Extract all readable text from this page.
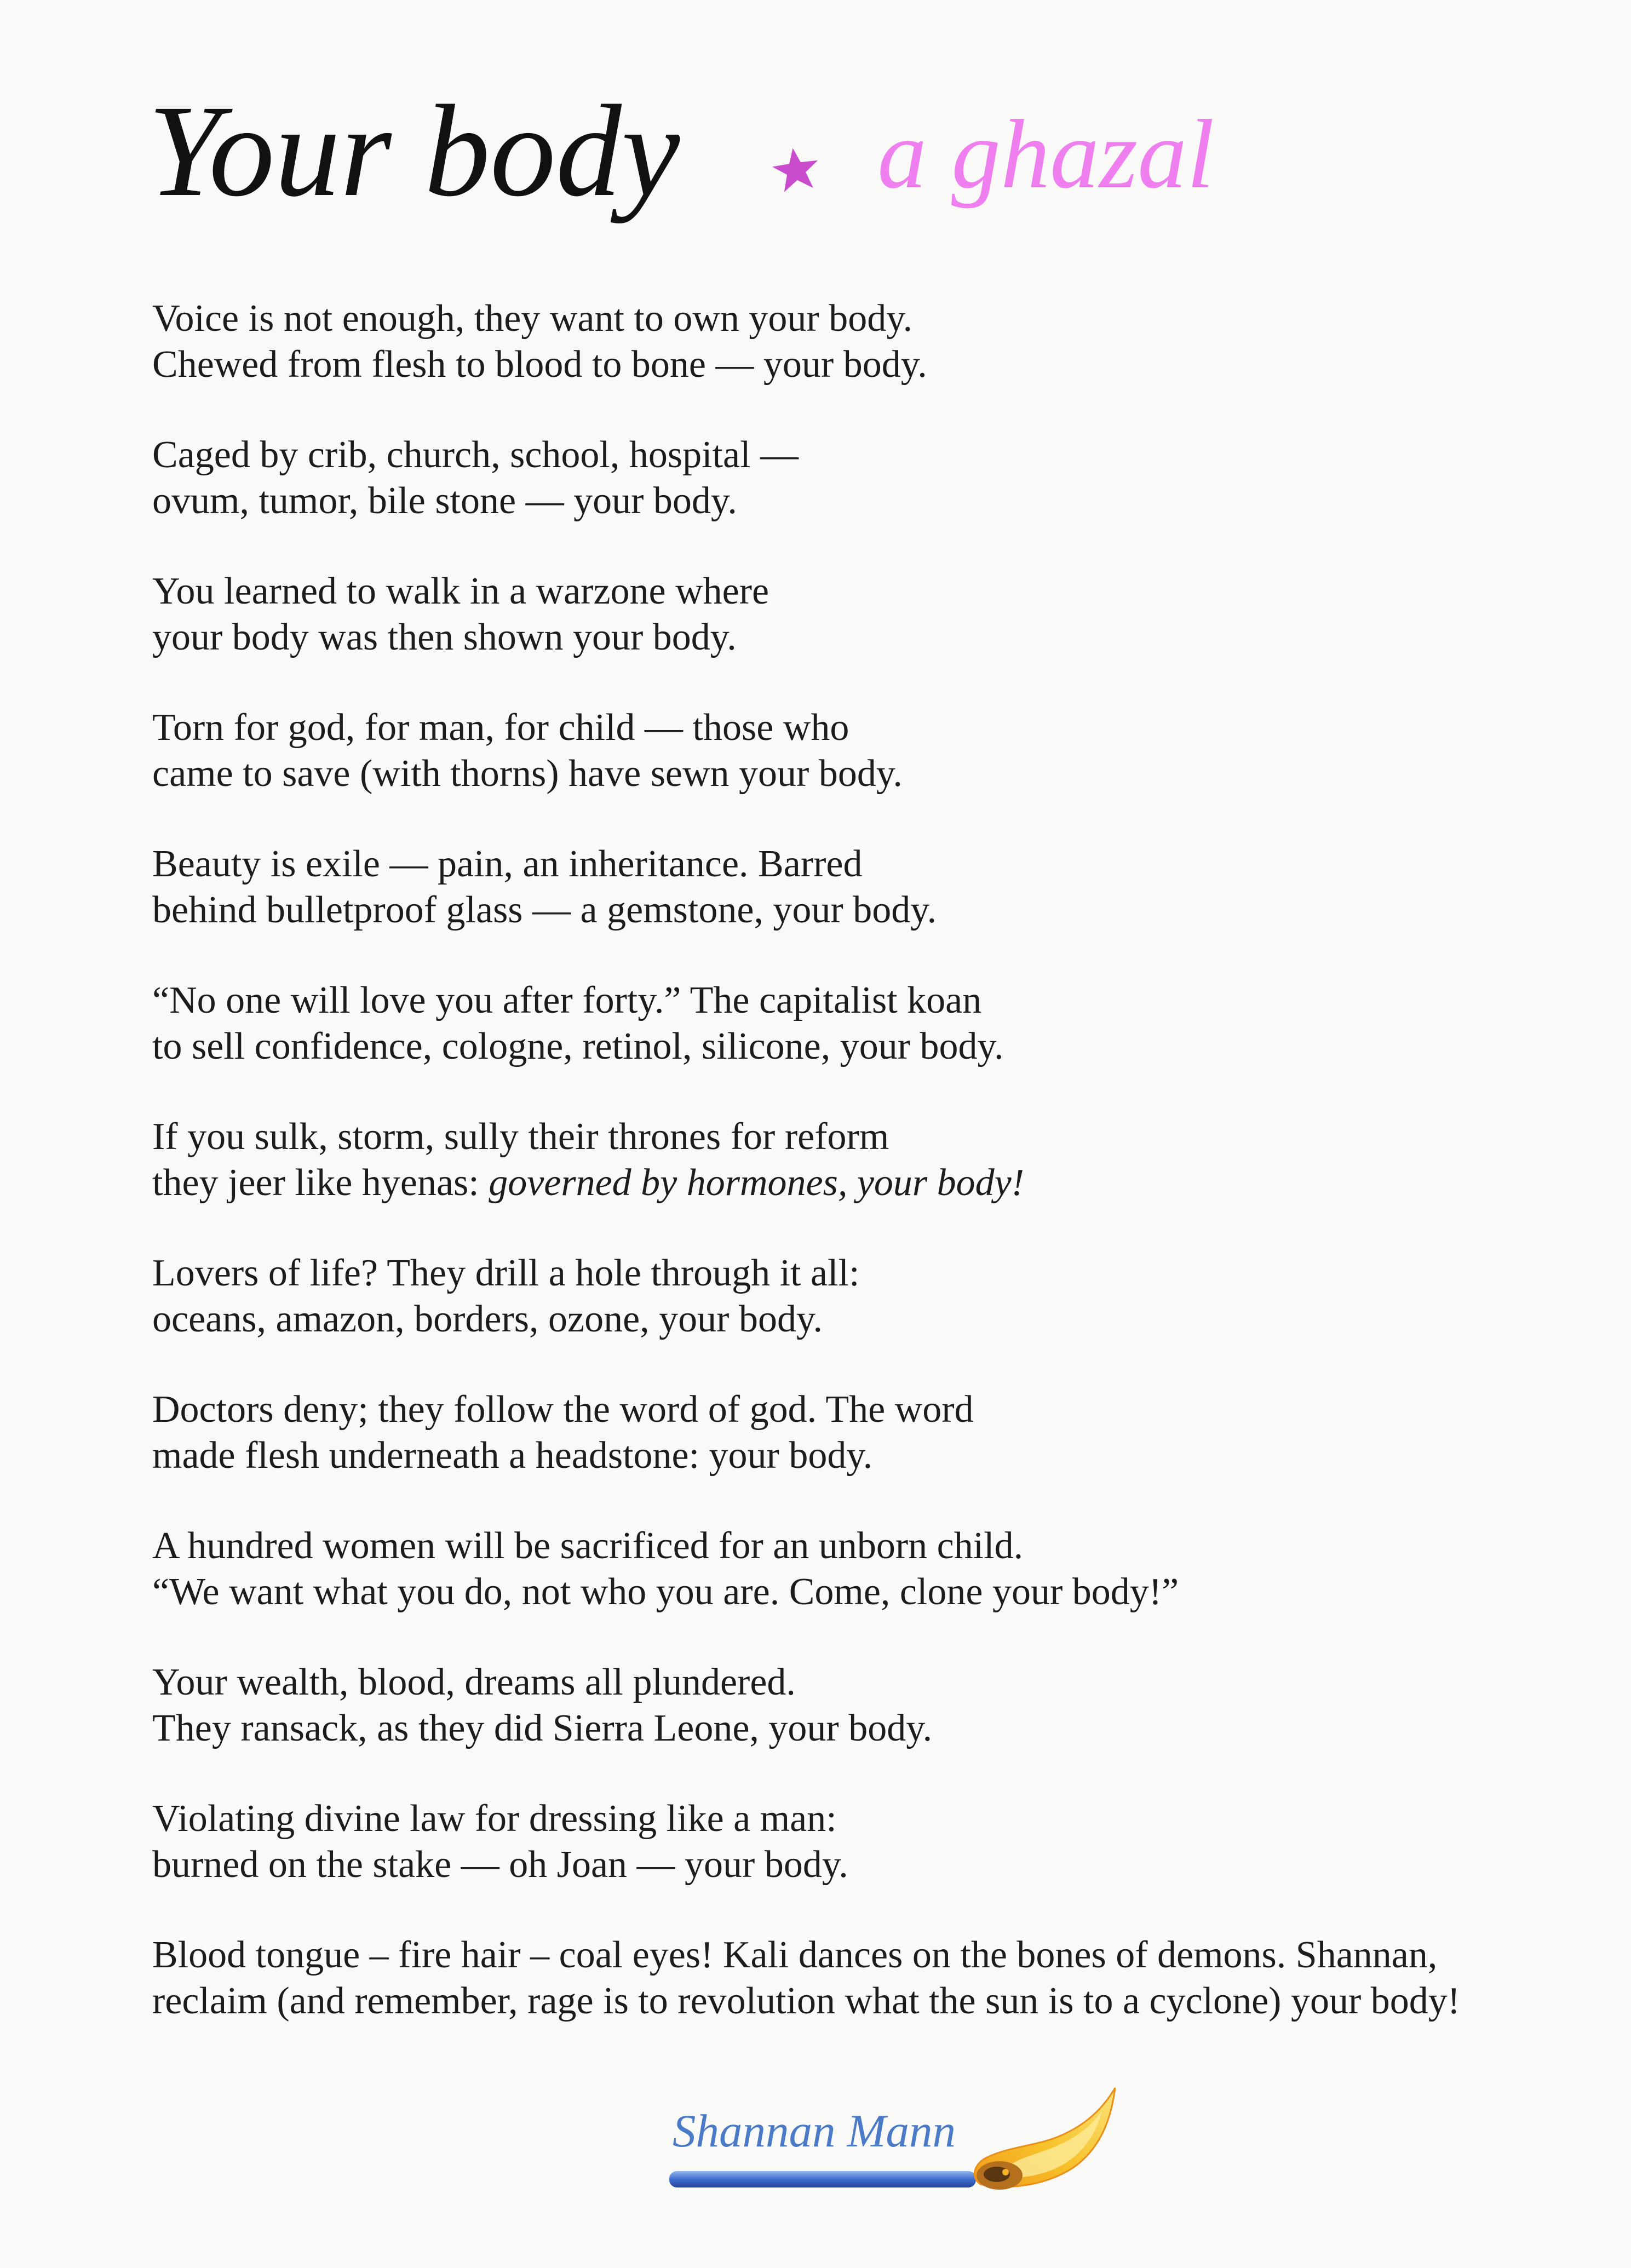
Your body a ghazal

Voice is not enough, they want to own your body.

Chewed from flesh to blood to bone — your body.

Caged by crib, church, school, hospital —

ovum, tumor, bile stone — your body.

You learned to walk in a warzone where

your body was then shown your body.

Torn for god, for man, for child — those who

came to save (with thorns) have sewn your body.

Beauty is exile — pain, an inheritance. Barred

behind bulletproof glass — a gemstone, your body.

“No one will love you after forty.” The capitalist koan

to sell confidence, cologne, retinol, silicone, your body.

If you sulk, storm, sully their thrones for reform

they jeer like hyenas: governed by hormones, your body!

Lovers of life? They drill a hole through it all:

oceans, amazon, borders, ozone, your body.

Doctors deny; they follow the word of god. The word

made flesh underneath a headstone: your body.

A hundred women will be sacrificed for an unborn child.

“We want what you do, not who you are. Come, clone your body!”

Your wealth, blood, dreams all plundered.

They ransack, as they did Sierra Leone, your body.

Violating divine law for dressing like a man:

burned on the stake — oh Joan — your body.

Blood tongue – fire hair – coal eyes! Kali dances on the bones of demons. Shannan,

reclaim (and remember, rage is to revolution what the sun is to a cyclone) your body!

Shannan Mann
